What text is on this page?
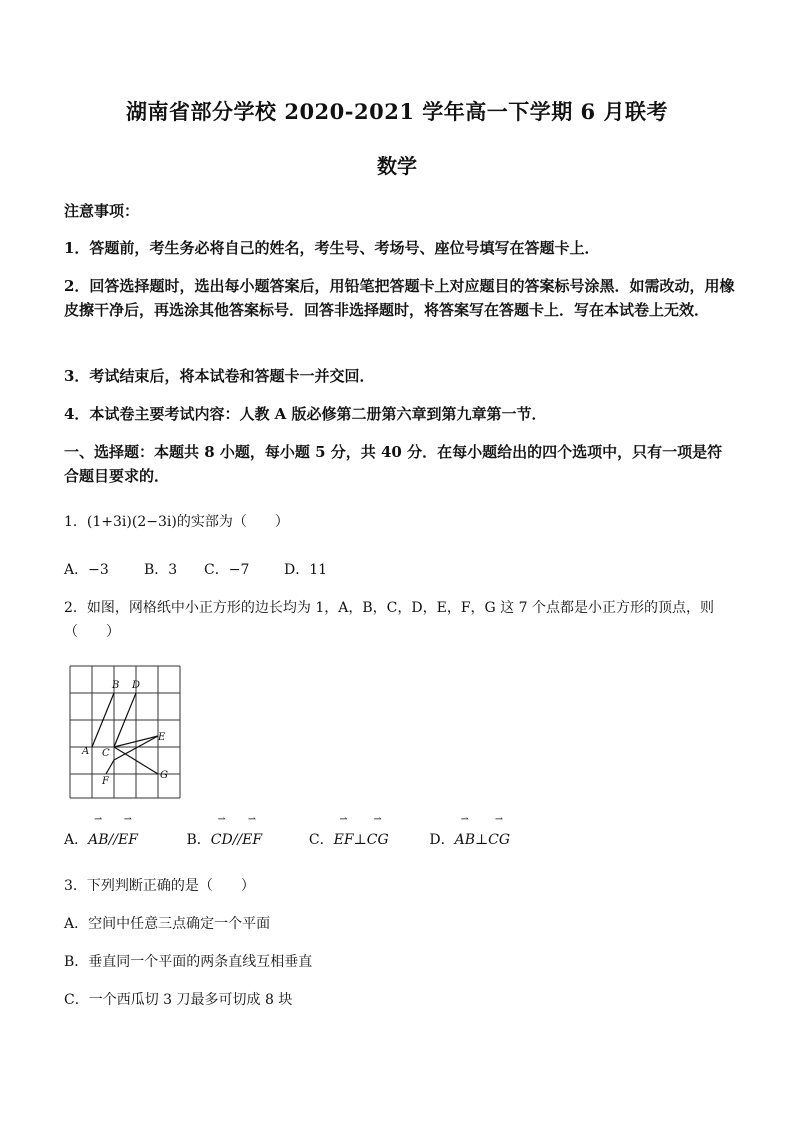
湖南省部分学校 2020-2021 学年高一下学期 6 月联考
数学
注意事项：
1．答题前，考生务必将自己的姓名，考生号、考场号、座位号填写在答题卡上．
2．回答选择题时，选出每小题答案后，用铅笔把答题卡上对应题目的答案标号涂黑．如需改动，用橡皮擦干净后，再选涂其他答案标号．回答非选择题时，将答案写在答题卡上．写在本试卷上无效．
3．考试结束后，将本试卷和答题卡一并交回．
4．本试卷主要考试内容：人教 A 版必修第二册第六章到第九章第一节．
一、选择题：本题共 8 小题，每小题 5 分，共 40 分．在每小题给出的四个选项中，只有一项是符合题目要求的．
1．(1+3i)(2−3i)的实部为（　　）
A．−3	B．3 C．−7 D．11
2．如图，网格纸中小正方形的边长均为 1，A，B，C，D，E，F，G 这 7 个点都是小正方形的顶点，则（　　）
A
B D
C
E
F
G
A．⇀ AB//⇀ EF	B．⇀ CD//⇀ EF	C．⇀ EF⊥⇀ CG	D．⇀ AB⊥⇀ CG
3．下列判断正确的是（　　）
A．空间中任意三点确定一个平面
B．垂直同一个平面的两条直线互相垂直
C．一个西瓜切 3 刀最多可切成 8 块
